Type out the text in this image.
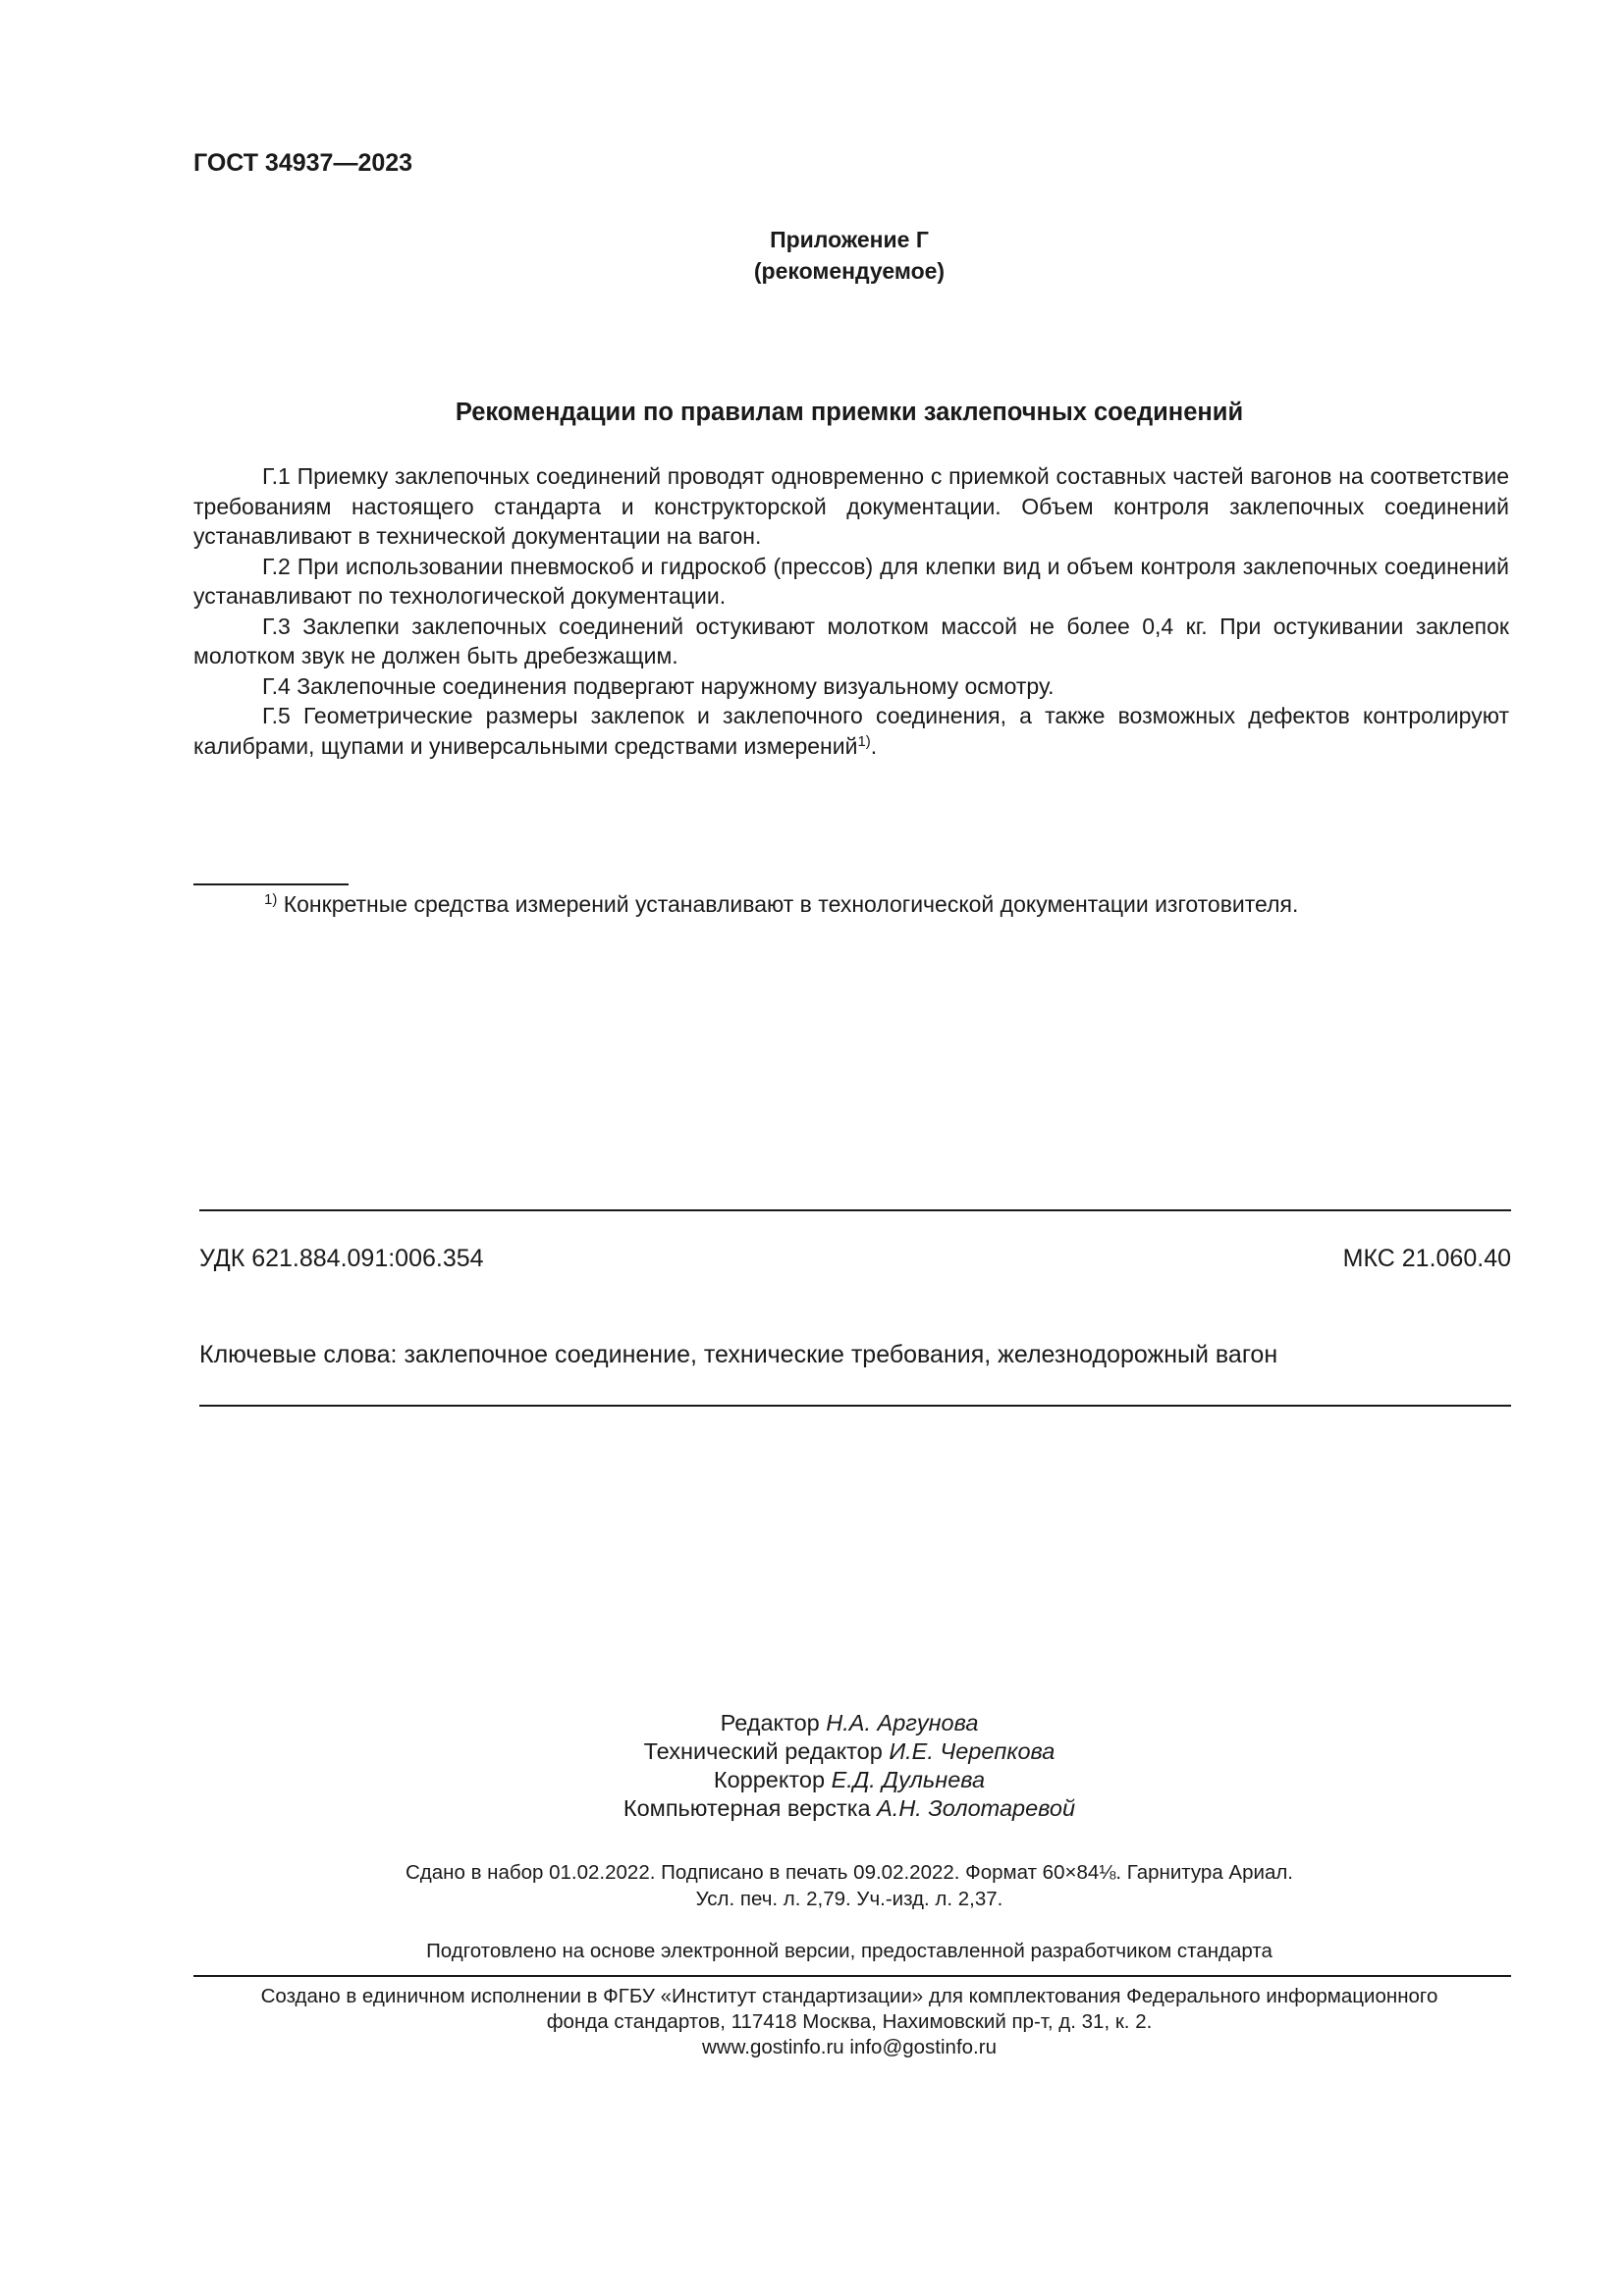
ГОСТ 34937—2023
Приложение Г
(рекомендуемое)
Рекомендации по правилам приемки заклепочных соединений

Г.1 Приемку заклепочных соединений проводят одновременно с приемкой составных частей вагонов на соответствие требованиям настоящего стандарта и конструкторской документации. Объем контроля заклепочных соединений устанавливают в технической документации на вагон.

Г.2 При использовании пневмоскоб и гидроскоб (прессов) для клепки вид и объем контроля заклепочных соединений устанавливают по технологической документации.

Г.3 Заклепки заклепочных соединений остукивают молотком массой не более 0,4 кг. При остукивании заклепок молотком звук не должен быть дребезжащим.

Г.4 Заклепочные соединения подвергают наружному визуальному осмотру.

Г.5 Геометрические размеры заклепок и заклепочного соединения, а также возможных дефектов контролируют калибрами, щупами и универсальными средствами измерений$^{1)}$.

$^{1)}$ Конкретные средства измерений устанавливают в технологической документации изготовителя.
УДК 621.884.091:006.354	МКС 21.060.40
Ключевые слова: заклепочное соединение, технические требования, железнодорожный вагон
Редактор Н.А. Аргунова
Технический редактор И.Е. Черепкова
Корректор Е.Д. Дульнева
Компьютерная верстка А.Н. Золотаревой
Сдано в набор 01.02.2022. Подписано в печать 09.02.2022. Формат 60×84⅛. Гарнитура Ариал.
Усл. печ. л. 2,79. Уч.-изд. л. 2,37.
Подготовлено на основе электронной версии, предоставленной разработчиком стандарта
Создано в единичном исполнении в ФГБУ «Институт стандартизации» для комплектования Федерального информационного
фонда стандартов, 117418 Москва, Нахимовский пр-т, д. 31, к. 2.
www.gostinfo.ru info@gostinfo.ru
